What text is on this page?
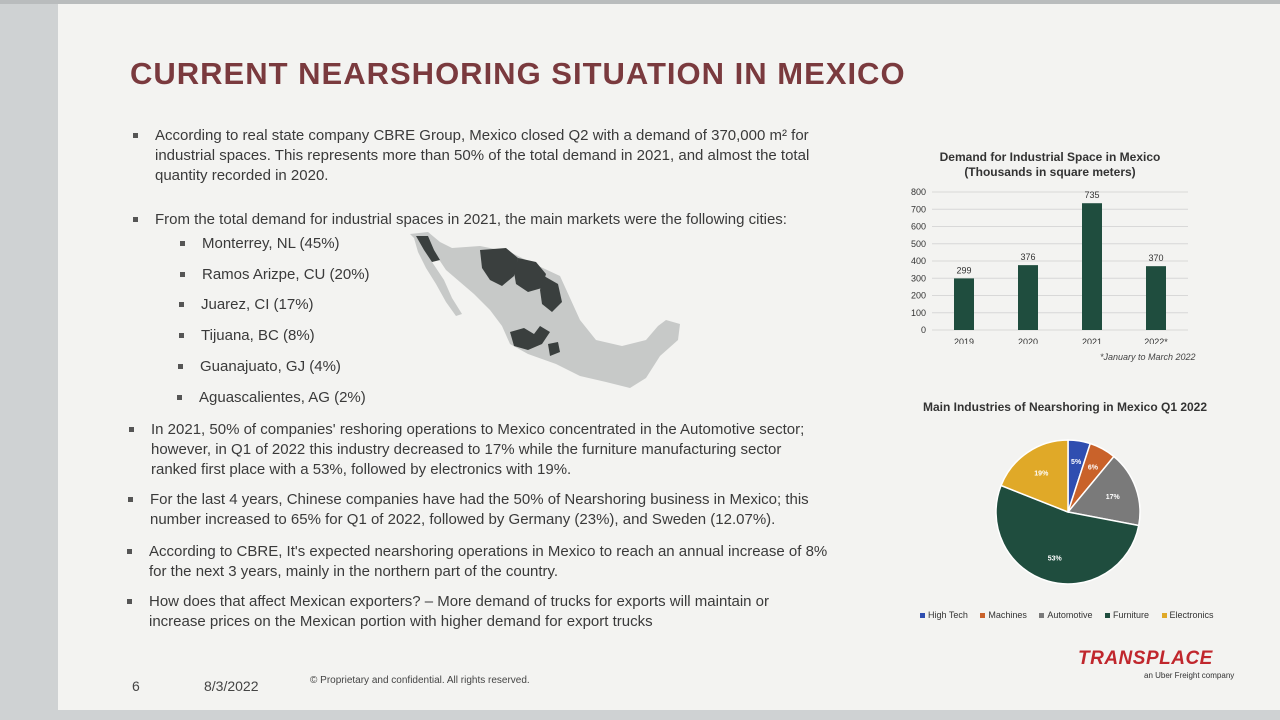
CURRENT NEARSHORING SITUATION IN MEXICO
According to real state company CBRE Group, Mexico closed Q2 with a demand of 370,000 m² for
industrial spaces. This represents more than 50% of the total demand in 2021, and almost the total
quantity recorded in 2020.
From the total demand for industrial spaces in 2021, the main markets were the following cities:
Monterrey, NL (45%)
Ramos Arizpe, CU (20%)
Juarez, CI (17%)
Tijuana, BC (8%)
Guanajuato, GJ (4%)
Aguascalientes, AG (2%)
In 2021, 50% of companies' reshoring operations to Mexico concentrated in the Automotive sector;
however, in Q1 of 2022 this industry decreased to 17% while the furniture manufacturing sector
ranked first place with a 53%, followed by electronics with 19%.
For the last 4 years, Chinese companies have had the 50% of Nearshoring business in Mexico; this
number increased to 65% for Q1 of 2022, followed by Germany (23%), and Sweden (12.07%).
According to CBRE, It's expected nearshoring operations in Mexico to reach an annual increase of 8%
for the next 3 years, mainly in the northern part of the country.
How does that affect Mexican exporters? – More demand of trucks for exports will maintain or
increase prices on the Mexican portion with higher demand for export trucks
Demand for Industrial Space in Mexico
(Thousands in square meters)
0
100
200
300
400
500
600
700
800
299
2019
376
2020
735
2021
370
2022*
*January to March 2022
Main Industries of Nearshoring in Mexico Q1 2022
5%
6%
17%
53%
19%
High Tech Machines Automotive Furniture Electronics
6	8/3/2022	© Proprietary and confidential. All rights reserved.
TRANSPLACE
an Uber Freight company
